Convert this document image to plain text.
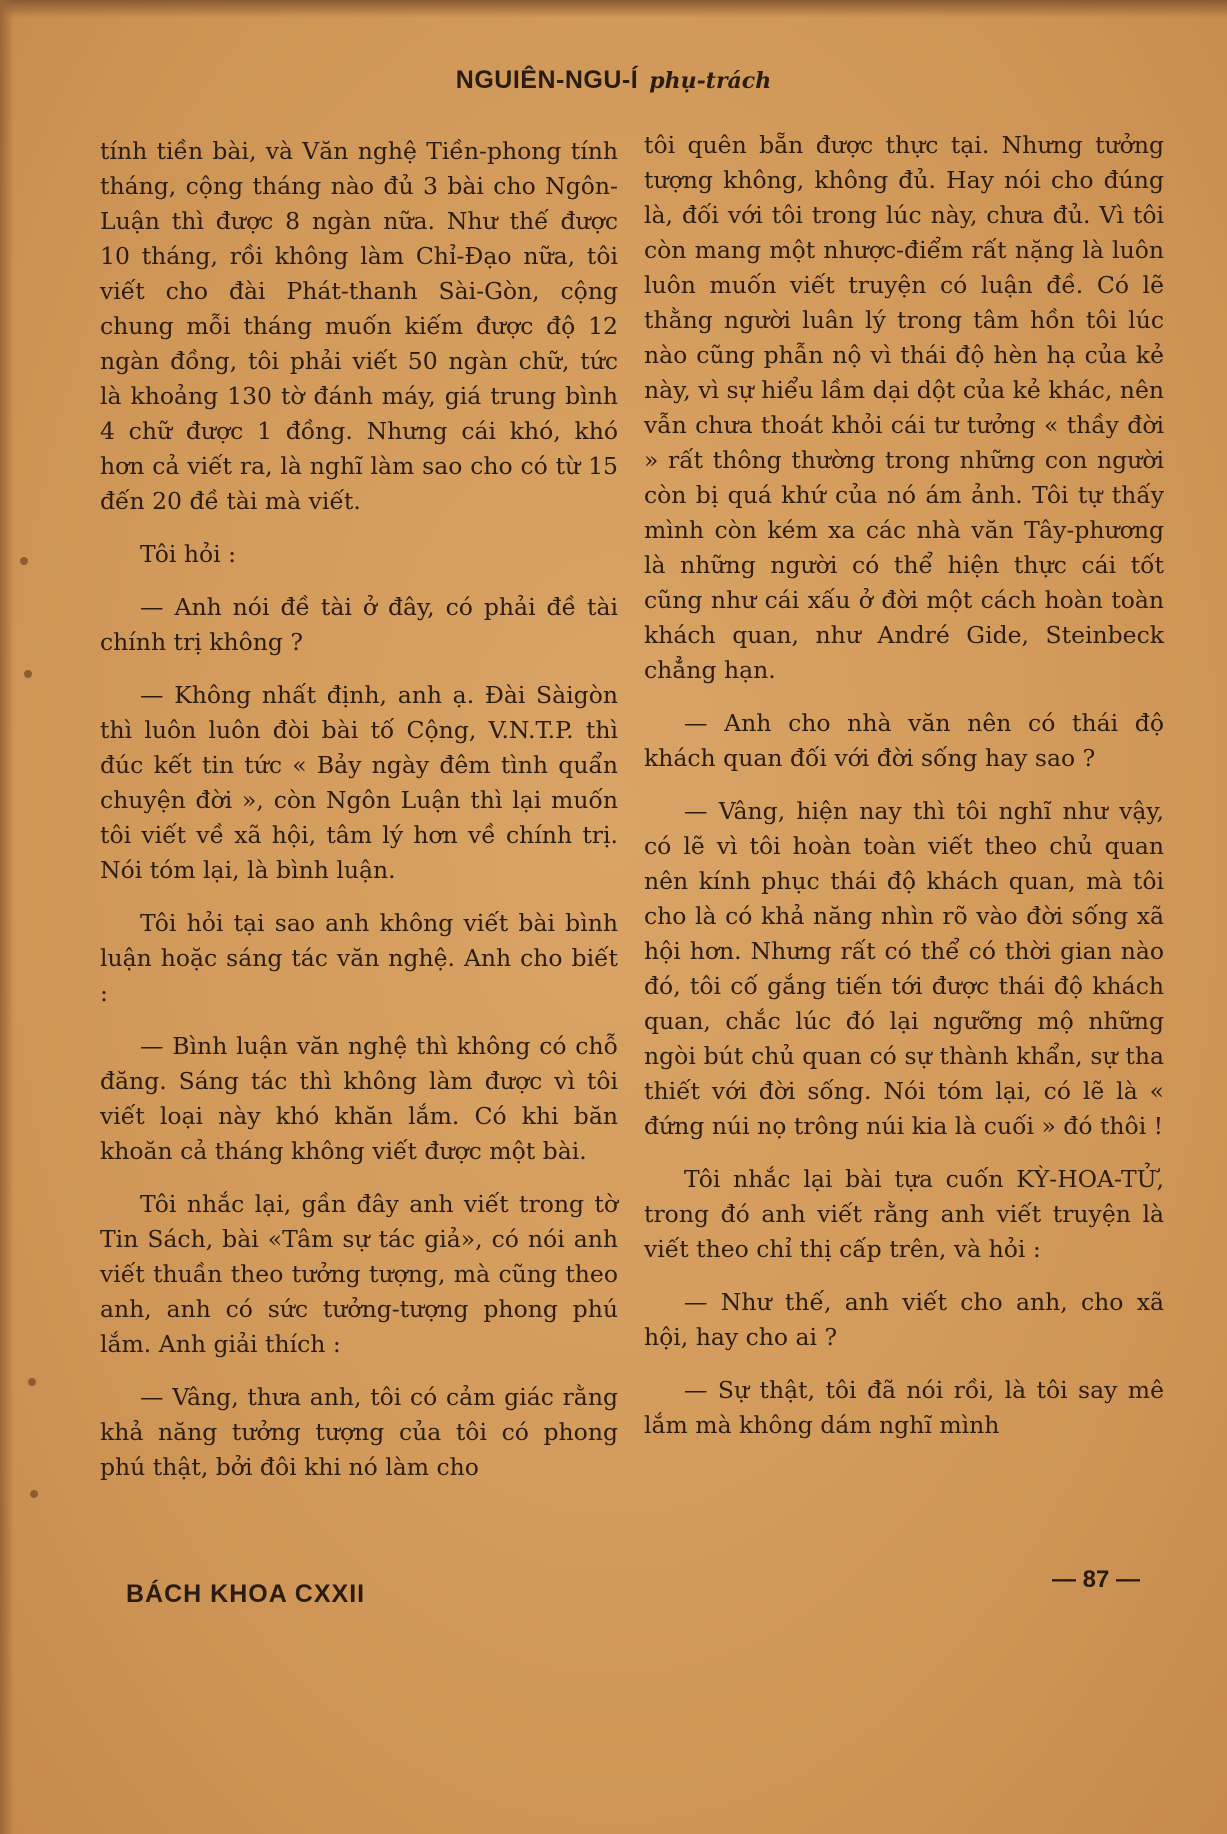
NGUIÊN-NGU-Í phụ-trách

tính tiền bài, và Văn nghệ Tiền-phong tính tháng, cộng tháng nào đủ 3 bài cho Ngôn-Luận thì được 8 ngàn nữa. Như thế được 10 tháng, rồi không làm Chỉ-Đạo nữa, tôi viết cho đài Phát-thanh Sài-Gòn, cộng chung mỗi tháng muốn kiếm được độ 12 ngàn đồng, tôi phải viết 50 ngàn chữ, tức là khoảng 130 tờ đánh máy, giá trung bình 4 chữ được 1 đồng. Nhưng cái khó, khó hơn cả viết ra, là nghĩ làm sao cho có từ 15 đến 20 đề tài mà viết.

Tôi hỏi :

— Anh nói đề tài ở đây, có phải đề tài chính trị không ?

— Không nhất định, anh ạ. Đài Sàigòn thì luôn luôn đòi bài tố Cộng, V.N.T.P. thì đúc kết tin tức « Bảy ngày đêm tình quẩn chuyện đời », còn Ngôn Luận thì lại muốn tôi viết về xã hội, tâm lý hơn về chính trị. Nói tóm lại, là bình luận.

Tôi hỏi tại sao anh không viết bài bình luận hoặc sáng tác văn nghệ. Anh cho biết :

— Bình luận văn nghệ thì không có chỗ đăng. Sáng tác thì không làm được vì tôi viết loại này khó khăn lắm. Có khi băn khoăn cả tháng không viết được một bài.

Tôi nhắc lại, gần đây anh viết trong tờ Tin Sách, bài «Tâm sự tác giả», có nói anh viết thuần theo tưởng tượng, mà cũng theo anh, anh có sức tưởng-tượng phong phú lắm. Anh giải thích :

— Vâng, thưa anh, tôi có cảm giác rằng khả năng tưởng tượng của tôi có phong phú thật, bởi đôi khi nó làm cho

tôi quên bẵn được thực tại. Nhưng tưởng tượng không, không đủ. Hay nói cho đúng là, đối với tôi trong lúc này, chưa đủ. Vì tôi còn mang một nhược-điểm rất nặng là luôn luôn muốn viết truyện có luận đề. Có lẽ thằng người luân lý trong tâm hồn tôi lúc nào cũng phẫn nộ vì thái độ hèn hạ của kẻ này, vì sự hiểu lầm dại dột của kẻ khác, nên vẫn chưa thoát khỏi cái tư tưởng « thầy đời » rất thông thường trong những con người còn bị quá khứ của nó ám ảnh. Tôi tự thấy mình còn kém xa các nhà văn Tây-phương là những người có thể hiện thực cái tốt cũng như cái xấu ở đời một cách hoàn toàn khách quan, như André Gide, Steinbeck chẳng hạn.

— Anh cho nhà văn nên có thái độ khách quan đối với đời sống hay sao ?

— Vâng, hiện nay thì tôi nghĩ như vậy, có lẽ vì tôi hoàn toàn viết theo chủ quan nên kính phục thái độ khách quan, mà tôi cho là có khả năng nhìn rõ vào đời sống xã hội hơn. Nhưng rất có thể có thời gian nào đó, tôi cố gắng tiến tới được thái độ khách quan, chắc lúc đó lại ngưỡng mộ những ngòi bút chủ quan có sự thành khẩn, sự tha thiết với đời sống. Nói tóm lại, có lẽ là « đứng núi nọ trông núi kia là cuối » đó thôi !

Tôi nhắc lại bài tựa cuốn KỲ-HOA-TỬ, trong đó anh viết rằng anh viết truyện là viết theo chỉ thị cấp trên, và hỏi :

— Như thế, anh viết cho anh, cho xã hội, hay cho ai ?

— Sự thật, tôi đã nói rồi, là tôi say mê lắm mà không dám nghĩ mình

BÁCH KHOA CXXII
— 87 —
